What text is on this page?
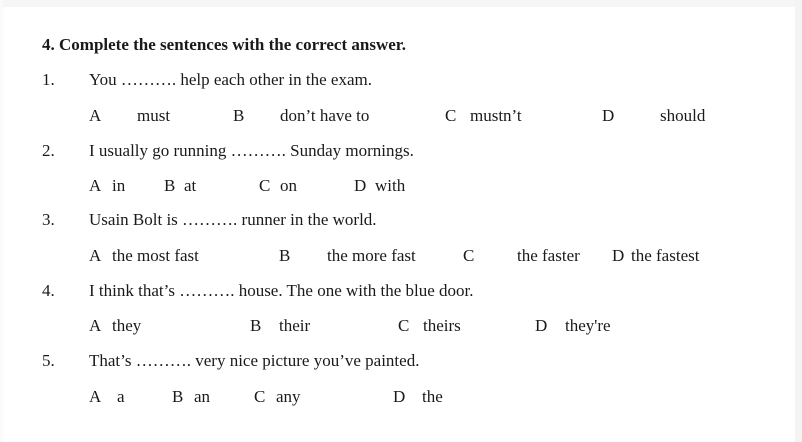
4. Complete the sentences with the correct answer.
1. You ………. help each other in the exam.
A must	B don’t have to	C mustn’t	D	should
2. I usually go running ………. Sunday mornings.
A in B at	C on	D with
3. Usain Bolt is ………. runner in the world.
A the most fast	B the more fast	C	the faster D the fastest
4. I think that’s ………. house. The one with the blue door.
A they	B their	C theirs	D they're
5. That’s ………. very nice picture you’ve painted.
A a	B an	C any	D the
